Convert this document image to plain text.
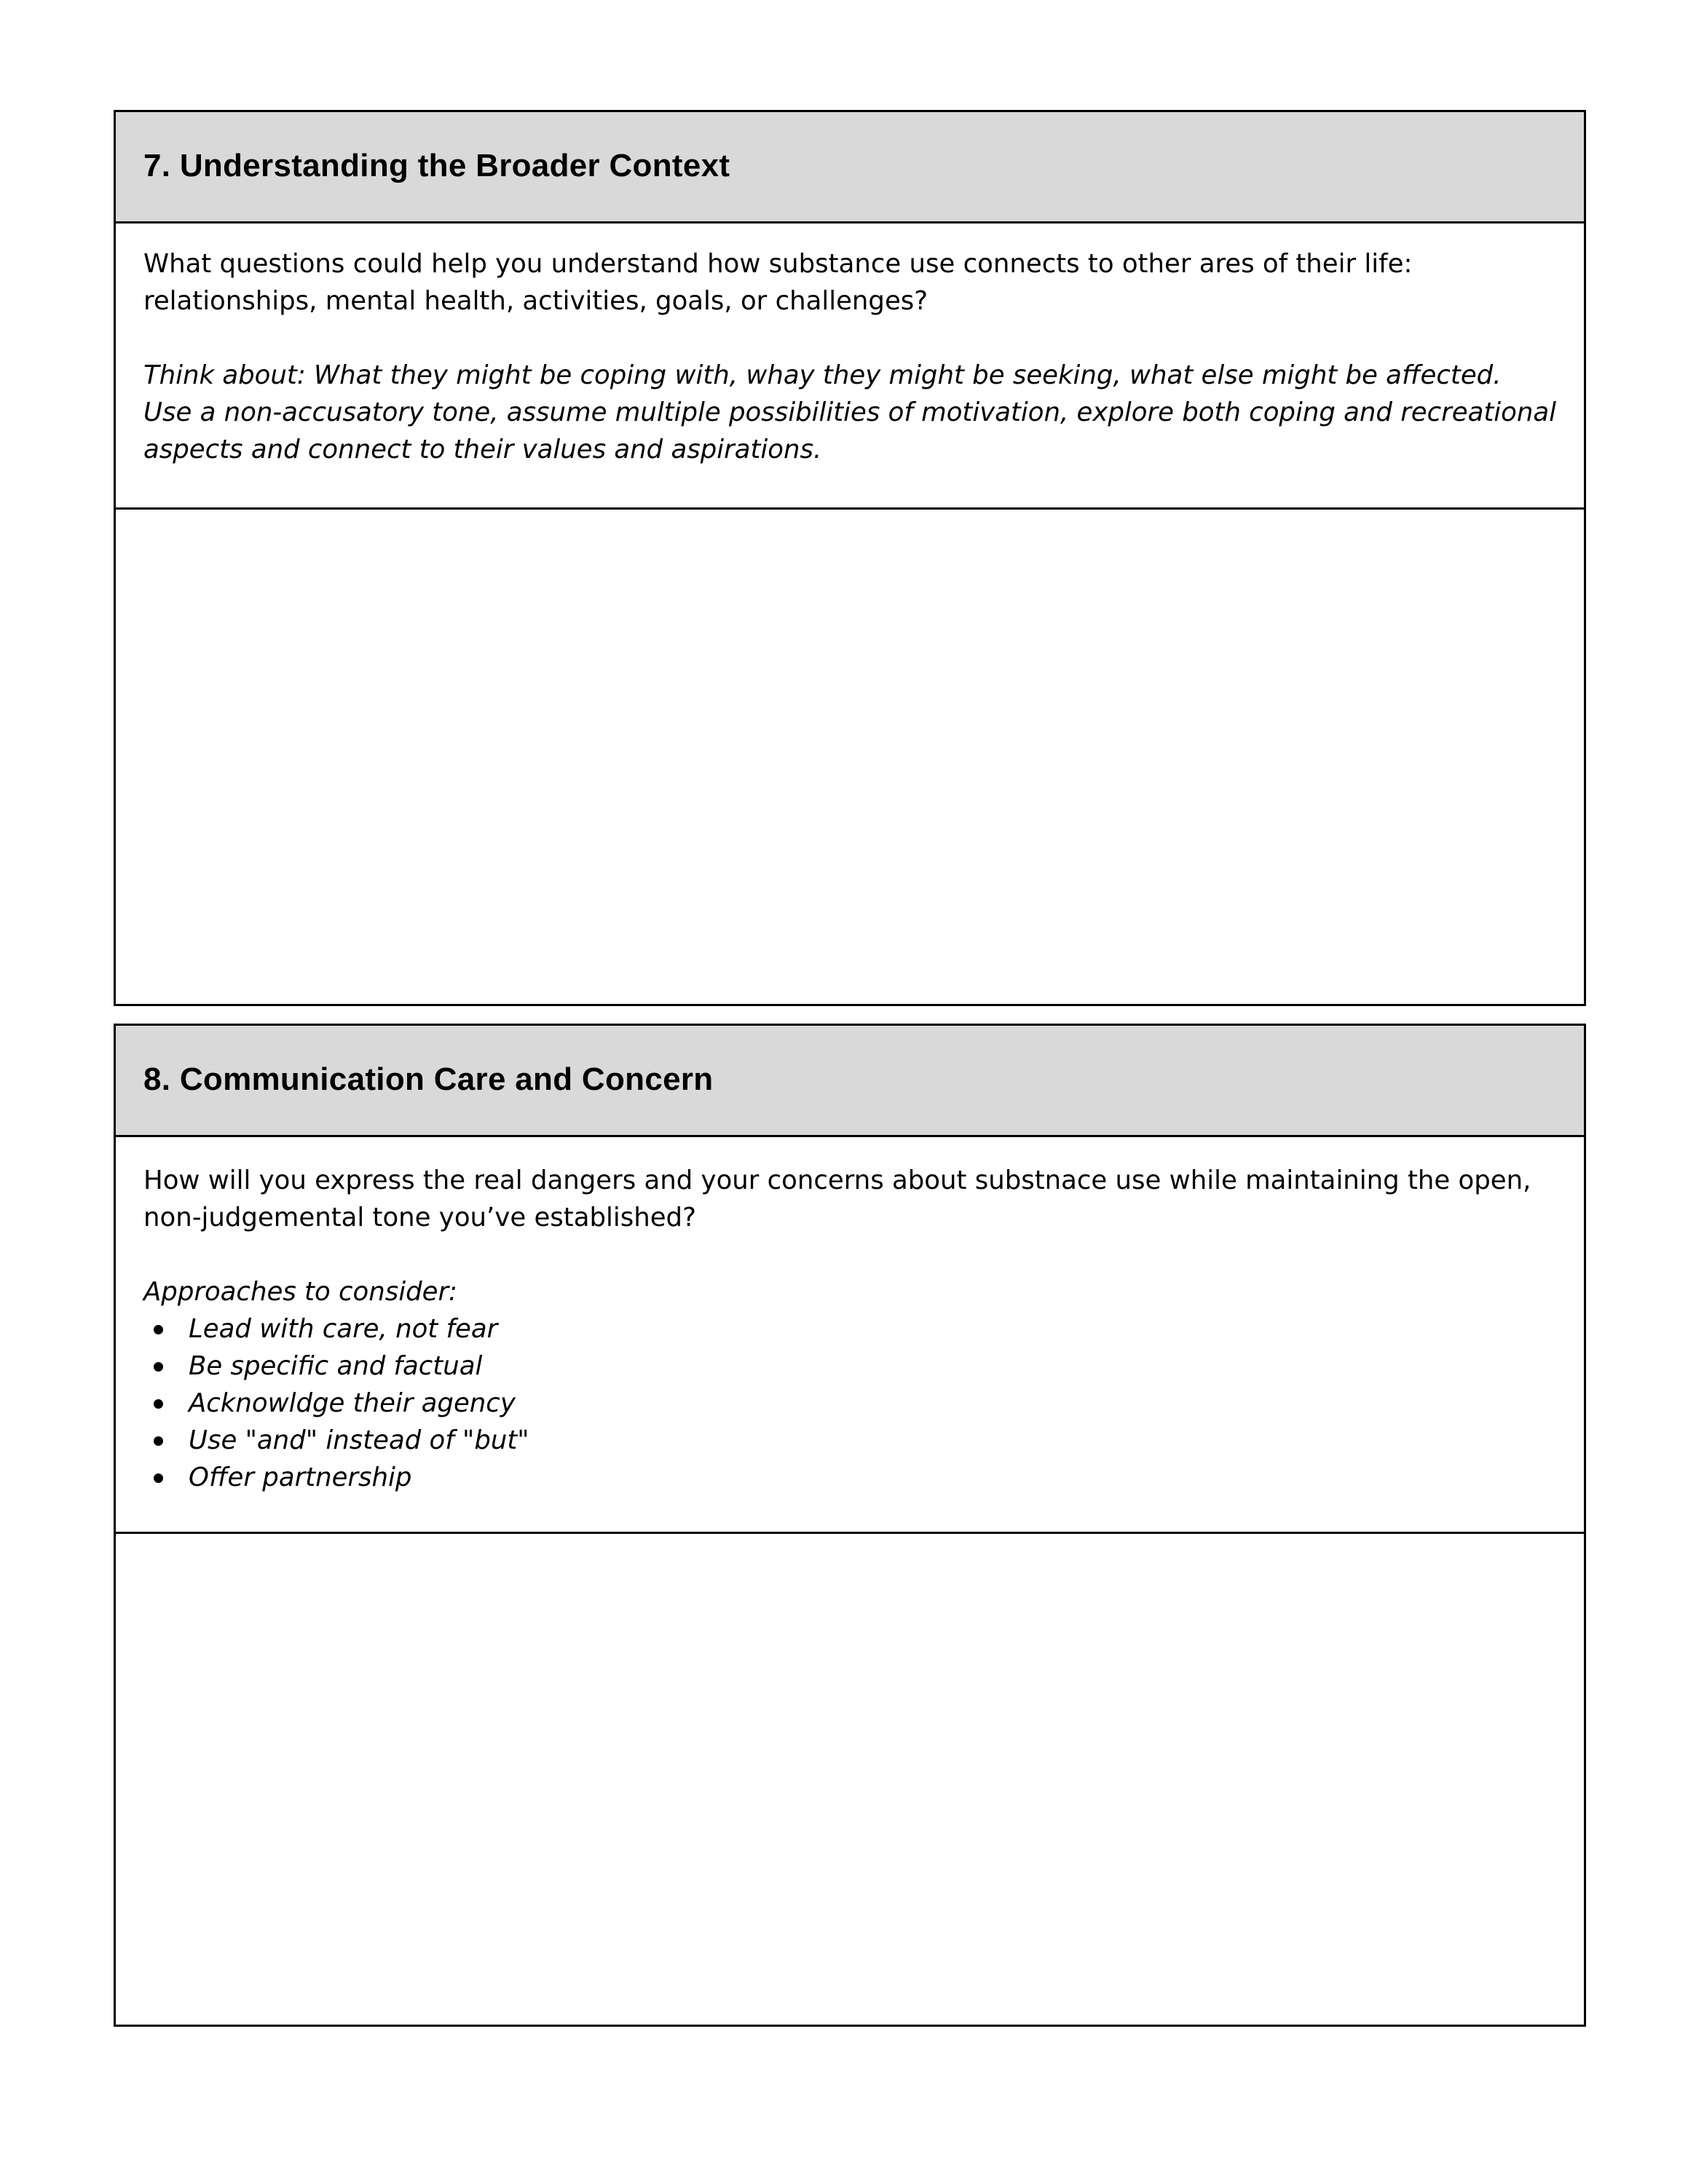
7. Understanding the Broader Context

What questions could help you understand how substance use connects to other ares of their life: relationships, mental health, activities, goals, or challenges?

Think about: What they might be coping with, whay they might be seeking, what else might be affected. Use a non-accusatory tone, assume multiple possibilities of motivation, explore both coping and recreational aspects and connect to their values and aspirations.

8. Communication Care and Concern

How will you express the real dangers and your concerns about substnace use while maintaining the open, non-judgemental tone you’ve established?

Approaches to consider:

Lead with care, not fear
Be specific and factual
Acknowldge their agency
Use "and" instead of "but"
Offer partnership
